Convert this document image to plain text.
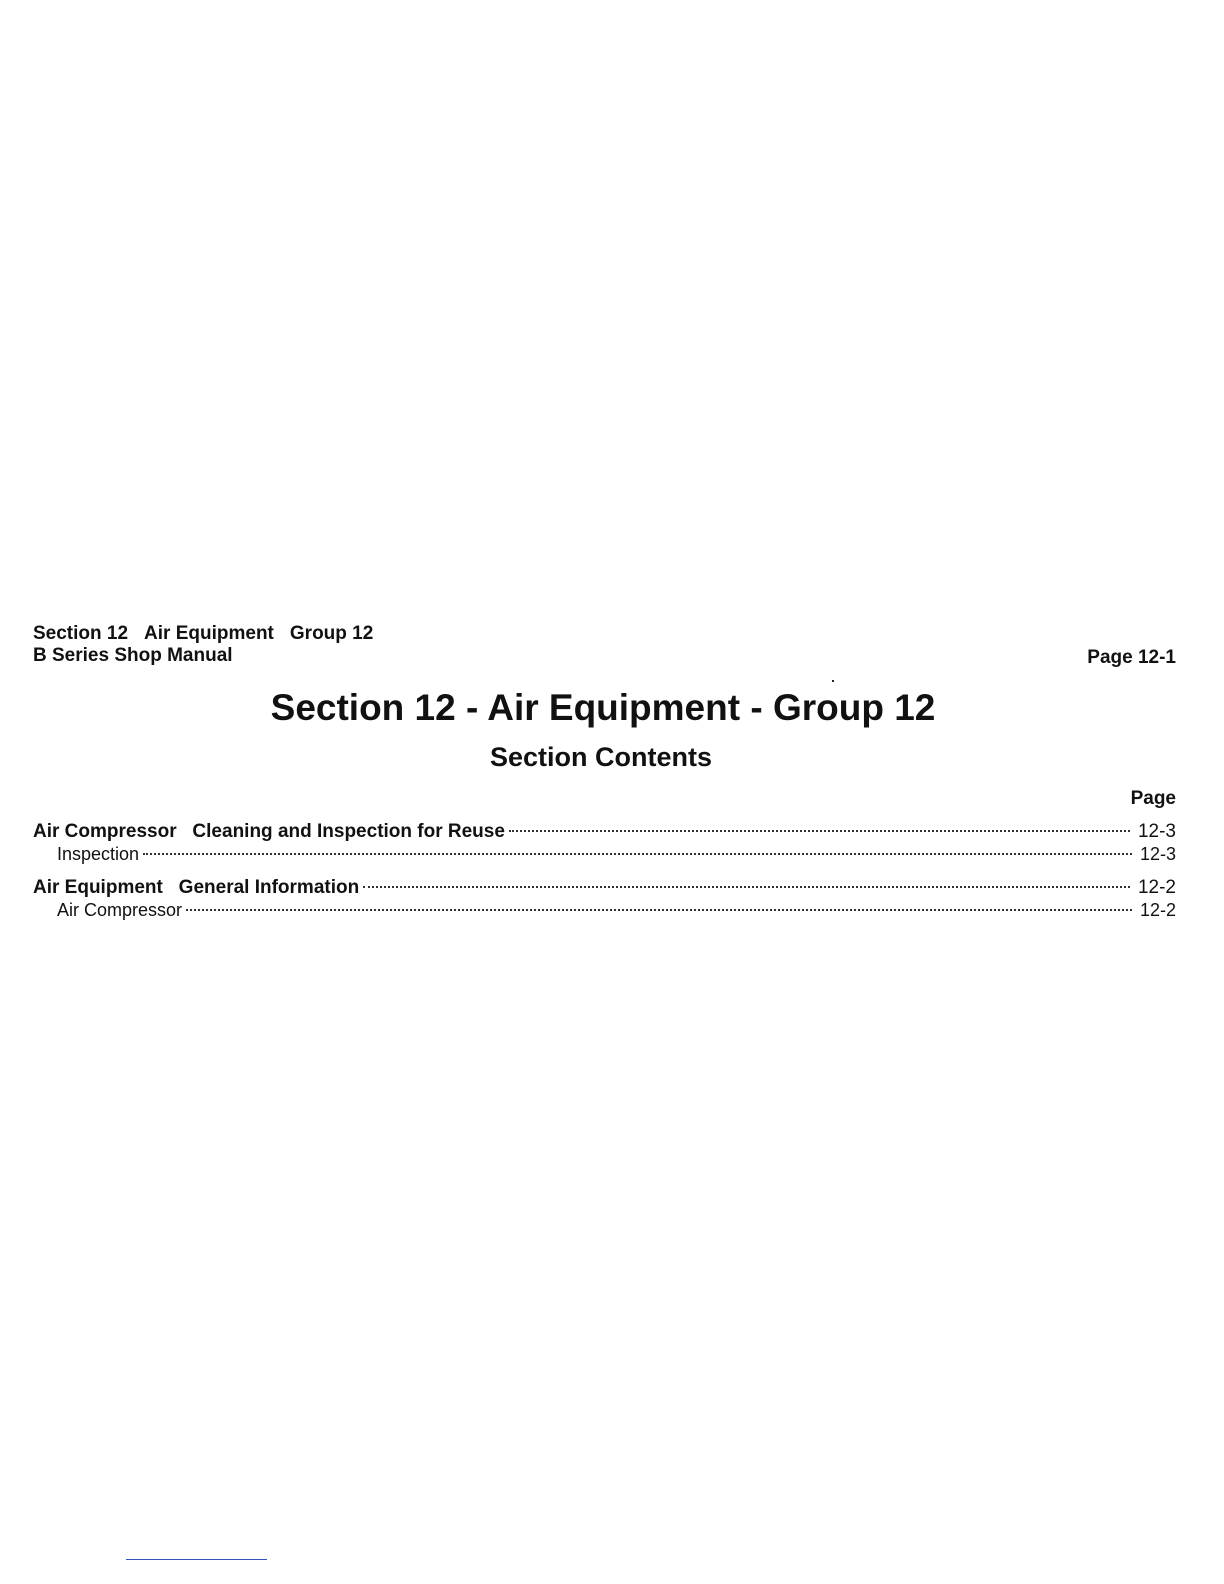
Section 12 Air Equipment Group 12
B Series Shop Manual	Page 12-1
Section 12 - Air Equipment - Group 12
Section Contents
Page
Air Compressor   Cleaning and Inspection for Reuse	12-3
Inspection	12-3
Air Equipment   General Information	12-2
Air Compressor	12-2
